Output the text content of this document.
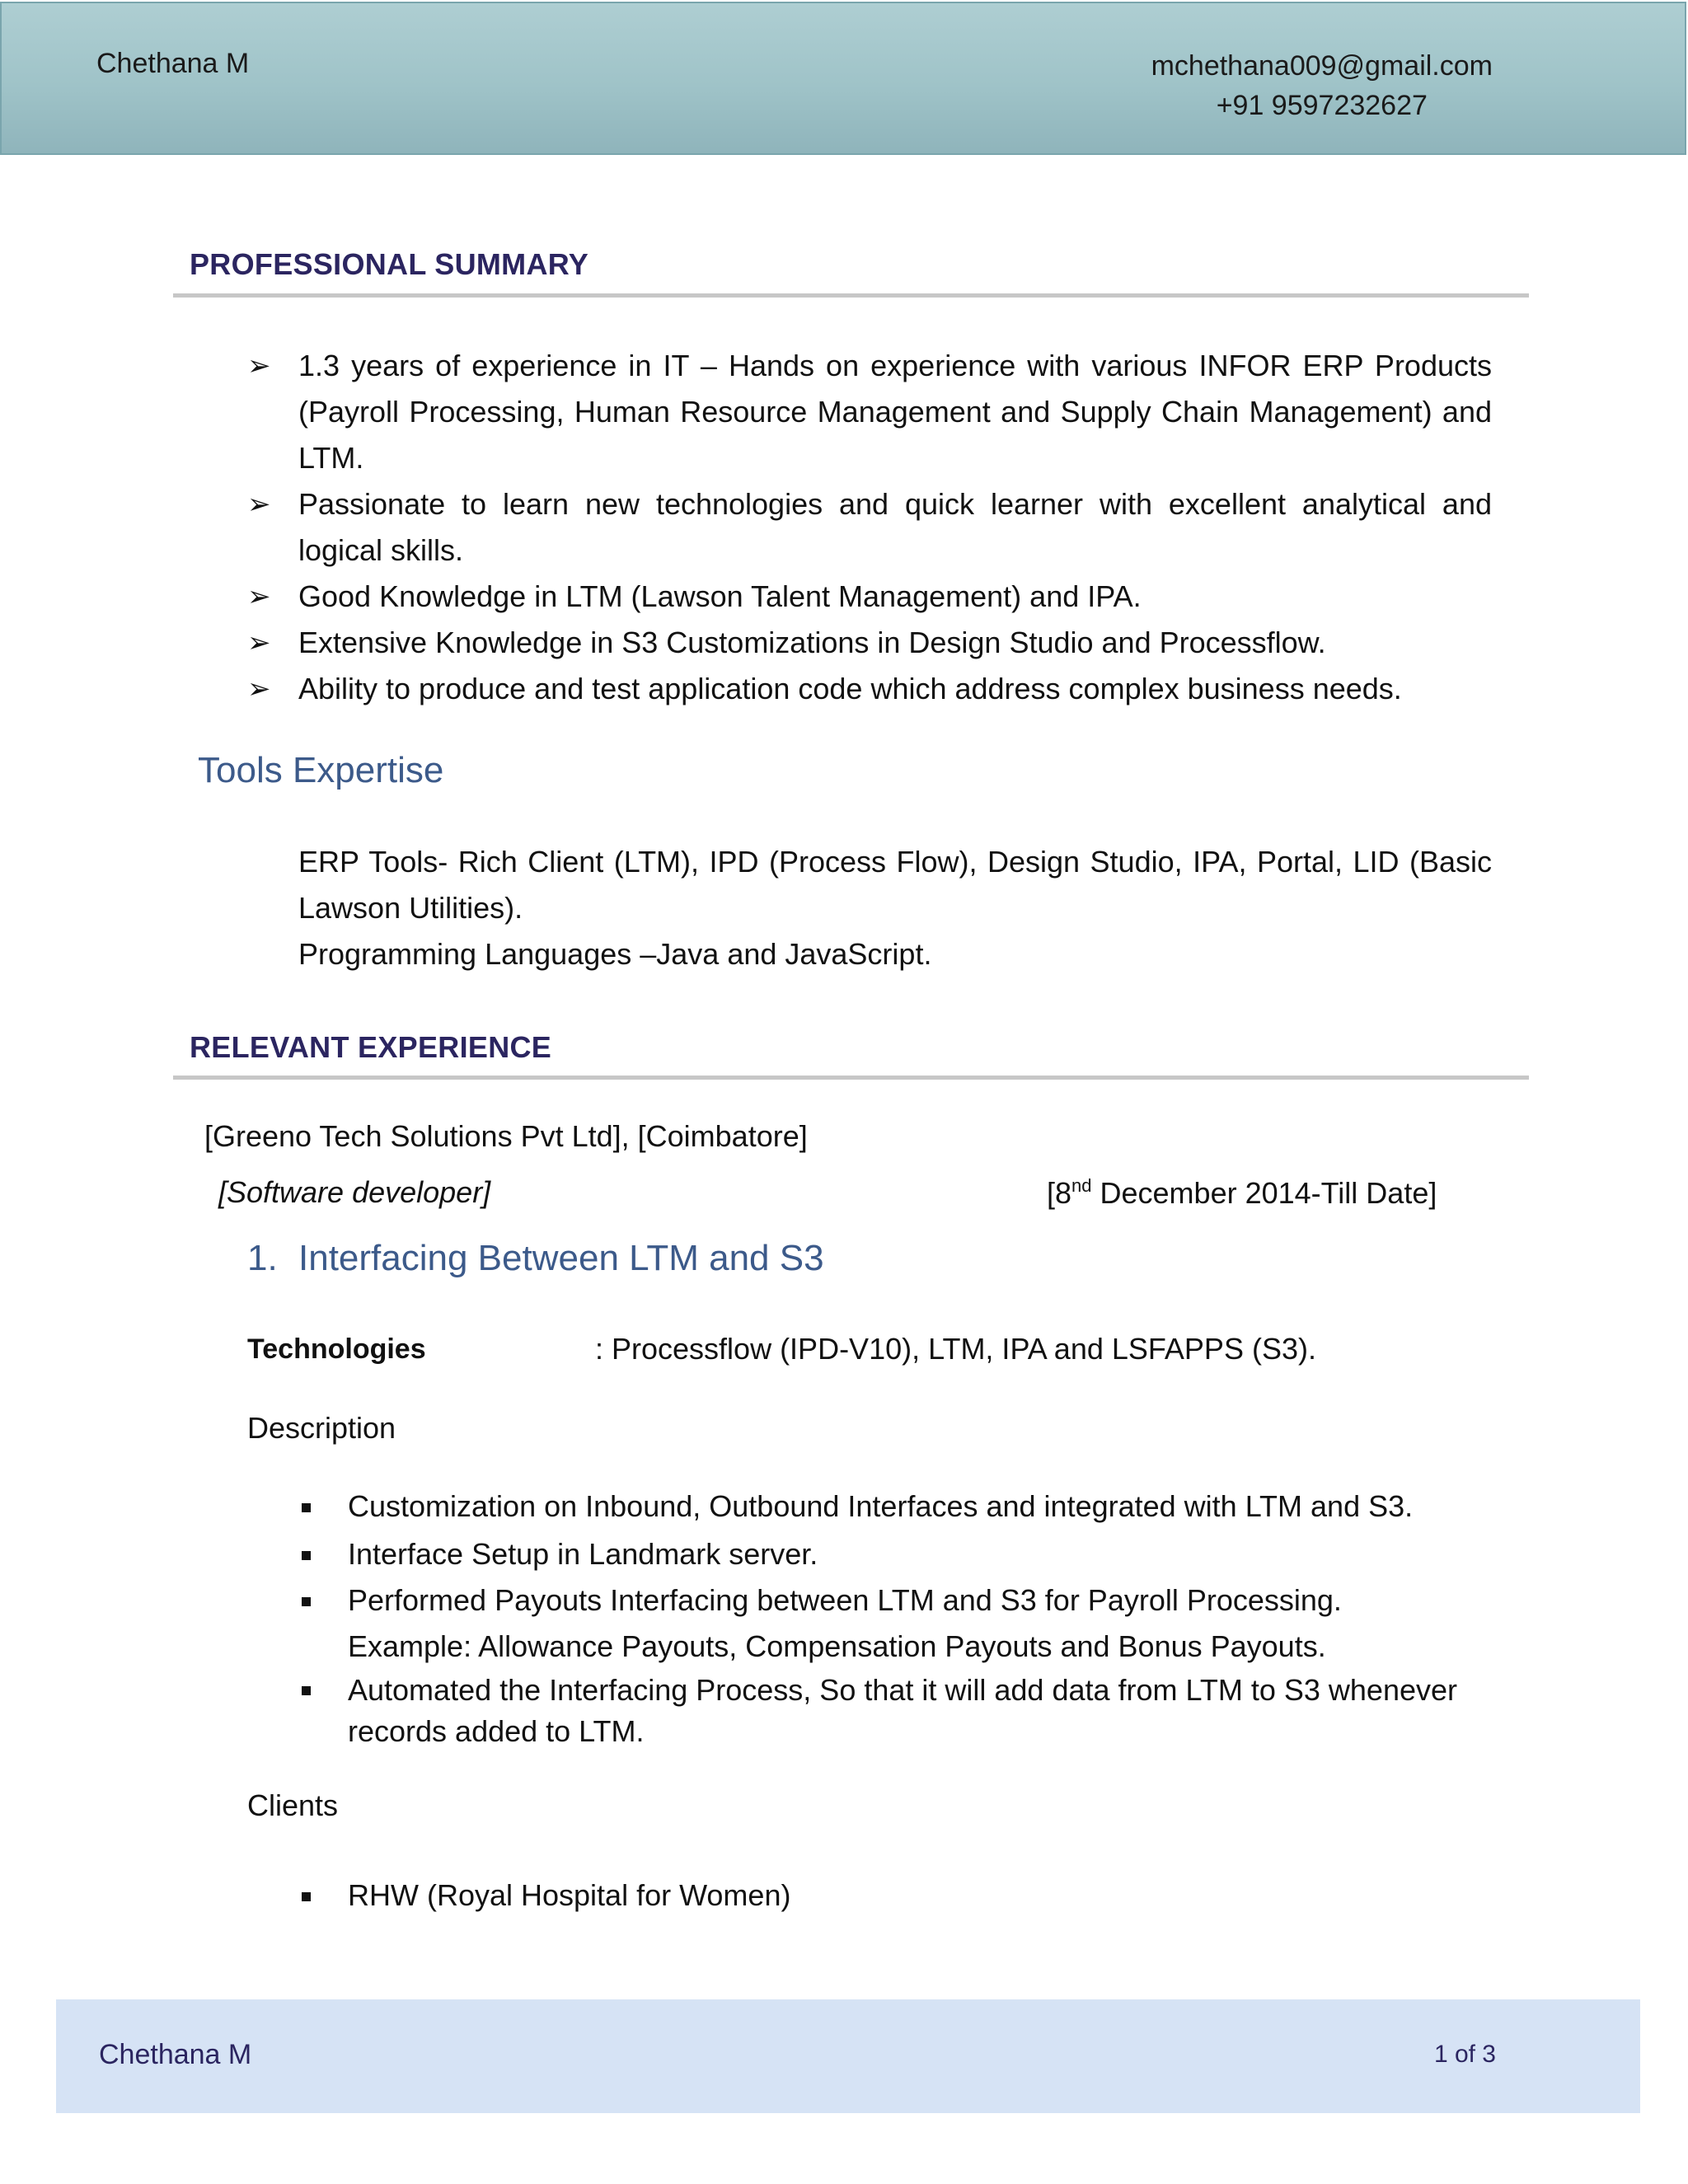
Chethana M	mchethana009@gmail.com
+91 9597232627
PROFESSIONAL SUMMARY
➢ 1.3 years of experience in IT – Hands on experience with various INFOR ERP Products (Payroll Processing, Human Resource Management and Supply Chain Management) and LTM.
➢ Passionate to learn new technologies and quick learner with excellent analytical and logical skills.
➢ Good Knowledge in LTM (Lawson Talent Management) and IPA.
➢ Extensive Knowledge in S3 Customizations in Design Studio and Processflow.
➢ Ability to produce and test application code which address complex business needs.
Tools Expertise

ERP Tools- Rich Client (LTM), IPD (Process Flow), Design Studio, IPA, Portal, LID (Basic Lawson Utilities).

Programming Languages –Java and JavaScript.

RELEVANT EXPERIENCE
[Greeno Tech Solutions Pvt Ltd], [Coimbatore]
[Software developer]	[8nd December 2014-Till Date]
1. Interfacing Between LTM and S3
Technologies	: Processflow (IPD-V10), LTM, IPA and LSFAPPS (S3).
Description
Customization on Inbound, Outbound Interfaces and integrated with LTM and S3.
Interface Setup in Landmark server.
Performed Payouts Interfacing between LTM and S3 for Payroll Processing.
Example: Allowance Payouts, Compensation Payouts and Bonus Payouts.
Automated the Interfacing Process, So that it will add data from LTM to S3 whenever
records added to LTM.
Clients
RHW (Royal Hospital for Women)
Chethana M	1 of 3
